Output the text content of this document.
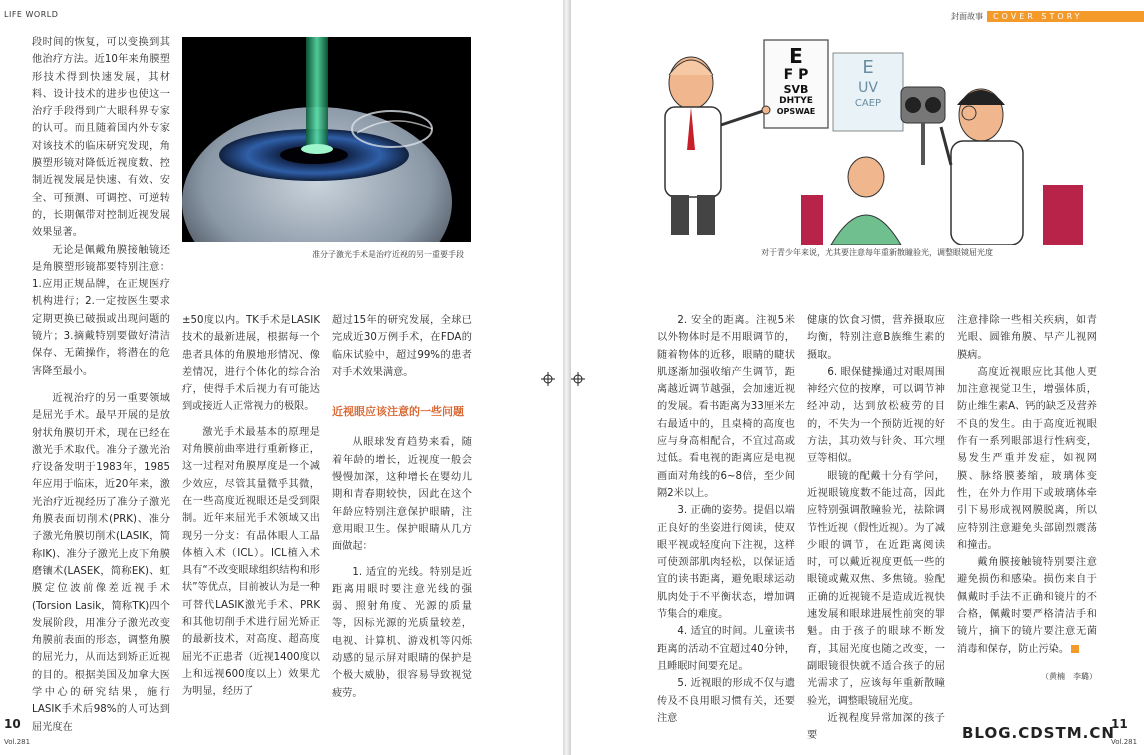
LIFE WORLD
准分子激光手术是治疗近视的另一重要手段

段时间的恢复，可以变换到其他治疗方法。近10年来角膜塑形技术得到快速发展，其材料、设计技术的进步也使这一治疗手段得到广大眼科界专家的认可。而且随着国内外专家对该技术的临床研究发现，角膜塑形镜对降低近视度数、控制近视发展是快速、有效、安全、可预测、可调控、可逆转的，长期佩带对控制近视发展效果显著。

无论是佩戴角膜接触镜还是角膜塑形镜都要特别注意：1.应用正规品牌，在正规医疗机构进行；2.一定按医生要求定期更换已破损或出现问题的镜片；3.摘戴特别要做好清洁保存、无菌操作，将潜在的危害降至最小。

近视治疗的另一重要领域是屈光手术。最早开展的是放射状角膜切开术，现在已经在激光手术取代。准分子激光治疗设备发明于1983年，1985年应用于临床，近20年来，激光治疗近视经历了准分子激光角膜表面切削术(PRK)、准分子激光角膜切削术(LASIK，简称IK)、准分子激光上皮下角膜磨镶术(LASEK，简称EK)、虹膜定位波前像差近视手术(Torsion Lasik，简称TK)四个发展阶段，用准分子激光改变角膜前表面的形态，调整角膜的屈光力，从而达到矫正近视的目的。根据美国及加拿大医学中心的研究结果，施行LASIK手术后98%的人可达到屈光度在

±50度以内。TK手术是LASIK技术的最新进展，根据每一个患者具体的角膜地形情况、像差情况，进行个体化的综合治疗，使得手术后视力有可能达到或接近人正常视力的极限。

激光手术最基本的原理是对角膜前曲率进行重新修正，这一过程对角膜厚度是一个减少效应，尽管其量微乎其微，在一些高度近视眼还是受到限制。近年来屈光手术领域又出现另一分支：有晶体眼人工晶体植入术（ICL）。ICL植入术具有“不改变眼球组织结构和形状”等优点，目前被认为是一种可替代LASIK激光手术、PRK和其他切削手术进行屈光矫正的最新技术，对高度、超高度屈光不正患者（近视1400度以上和远视600度以上）效果尤为明显，经历了

超过15年的研究发展，全球已完成近30万例手术，在FDA的临床试验中，超过99%的患者对手术效果满意。

近视眼应该注意的一些问题

从眼球发育趋势来看，随着年龄的增长，近视度一般会慢慢加深，这种增长在婴幼儿期和青春期较快，因此在这个年龄应特别注意保护眼睛，注意用眼卫生。保护眼睛从几方面做起：

1. 适宜的光线。特别是近距离用眼时要注意光线的强弱、照射角度、光源的质量等，因标光源的光质量较差，电视、计算机、游戏机等闪烁动感的显示屏对眼睛的保护是个极大威胁，很容易导致视觉疲劳。

10
Vol.281
封面故事	COVER STORY
E
F P
SVB
DHTYE
OPSWAE
E
UV
CAEP
对于青少年来说，尤其要注意每年重新散瞳验光，调整眼镜屈光度

2. 安全的距离。注视5米以外物体时是不用眼调节的，随着物体的近移，眼睛的睫状肌逐渐加强收缩产生调节，距离越近调节越强，会加速近视的发展。看书距离为33厘米左右最适中的，且桌椅的高度也应与身高相配合，不宜过高或过低。看电视的距离应是电视画面对角线的6~8倍，至少间隔2米以上。

3. 正确的姿势。提倡以端正良好的坐姿进行阅读，使双眼平视或轻度向下注视，这样可使颈部肌肉轻松，以保证适宜的读书距离，避免眼球运动肌肉处于不平衡状态，增加调节集合的难度。

4. 适宜的时间。儿童读书距离的活动不宜超过40分钟，且睡眠时间要充足。

5. 近视眼的形成不仅与遗传及不良用眼习惯有关，还要注意

健康的饮食习惯，营养摄取应均衡，特别注意B族维生素的摄取。

6. 眼保健操通过对眼周围神经穴位的按摩，可以调节神经冲动，达到放松疲劳的目的，不失为一个预防近视的好方法，其功效与针灸、耳穴埋豆等相似。

眼镜的配戴十分有学问，近视眼镜度数不能过高，因此应特别强调散瞳验光，祛除调节性近视（假性近视）。为了减少眼的调节，在近距离阅读时，可以戴近视度更低一些的眼镜或戴双焦、多焦镜。验配正确的近视镜不是造成近视快速发展和眼球进展性前突的罪魁。由于孩子的眼球不断发育，其屈光度也随之改变，一副眼镜很快就不适合孩子的屈光需求了，应该每年重新散瞳验光，调整眼镜屈光度。

近视程度异常加深的孩子要

注意排除一些相关疾病，如青光眼、圆锥角膜、早产儿视网膜病。

高度近视眼应比其他人更加注意视觉卫生，增强体质，防止维生素A、钙的缺乏及营养不良的发生。由于高度近视眼作有一系列眼部退行性病变，易发生严重并发症，如视网膜、脉络膜萎缩，玻璃体变性，在外力作用下或玻璃体牵引下易形成视网膜脱离，所以应特别注意避免头部剧烈震荡和撞击。

戴角膜接触镜特别要注意避免损伤和感染。损伤来自于佩戴时手法不正确和镜片的不合格，佩戴时要严格清洁手和镜片，摘下的镜片要注意无菌消毒和保存，防止污染。

（黄楠　李璐）
11
Vol.281
BLOG.CDSTM.CN
